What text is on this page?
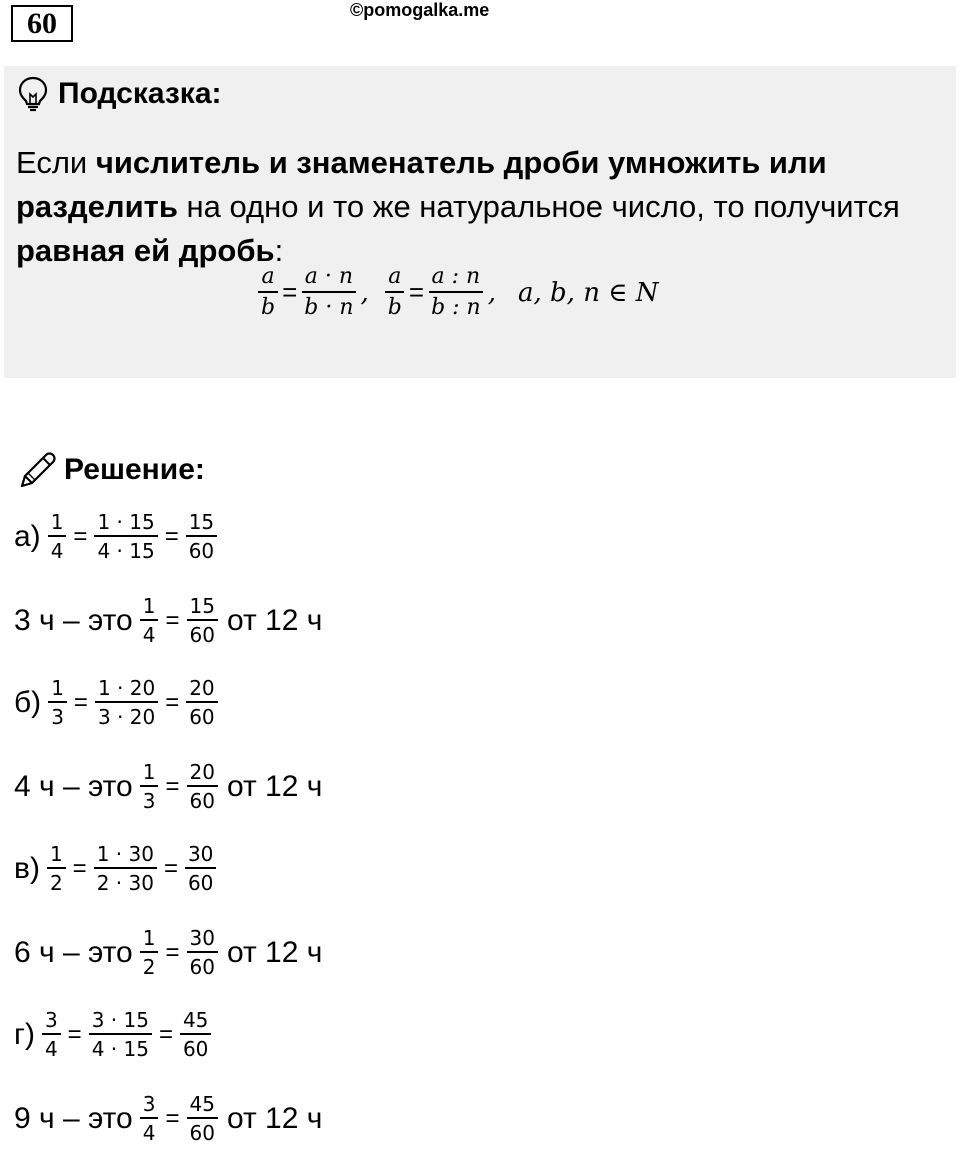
60	©pomogalka.me
Подсказка:
Если числитель и знаменатель дроби умножить или разделить на одно и то же натуральное число, то получится равная ей дробь:
$\frac{a}{b} = \frac{a \cdot n}{b \cdot n}$ , $\frac{a}{b} = \frac{a : n}{b : n}$ , a, b, n ∈ N
Решение:
$а) \frac{1}{4} = \frac{1 \cdot 15}{4 \cdot 15} = \frac{15}{60}$
3 ч – это $\frac{1}{4} = \frac{15}{60}$ от 12 ч
$б) \frac{1}{3} = \frac{1 \cdot 20}{3 \cdot 20} = \frac{20}{60}$
4 ч – это $\frac{1}{3} = \frac{20}{60}$ от 12 ч
$в) \frac{1}{2} = \frac{1 \cdot 30}{2 \cdot 30} = \frac{30}{60}$
6 ч – это $\frac{1}{2} = \frac{30}{60}$ от 12 ч
$г) \frac{3}{4} = \frac{3 \cdot 15}{4 \cdot 15} = \frac{45}{60}$
9 ч – это $\frac{3}{4} = \frac{45}{60}$ от 12 ч
